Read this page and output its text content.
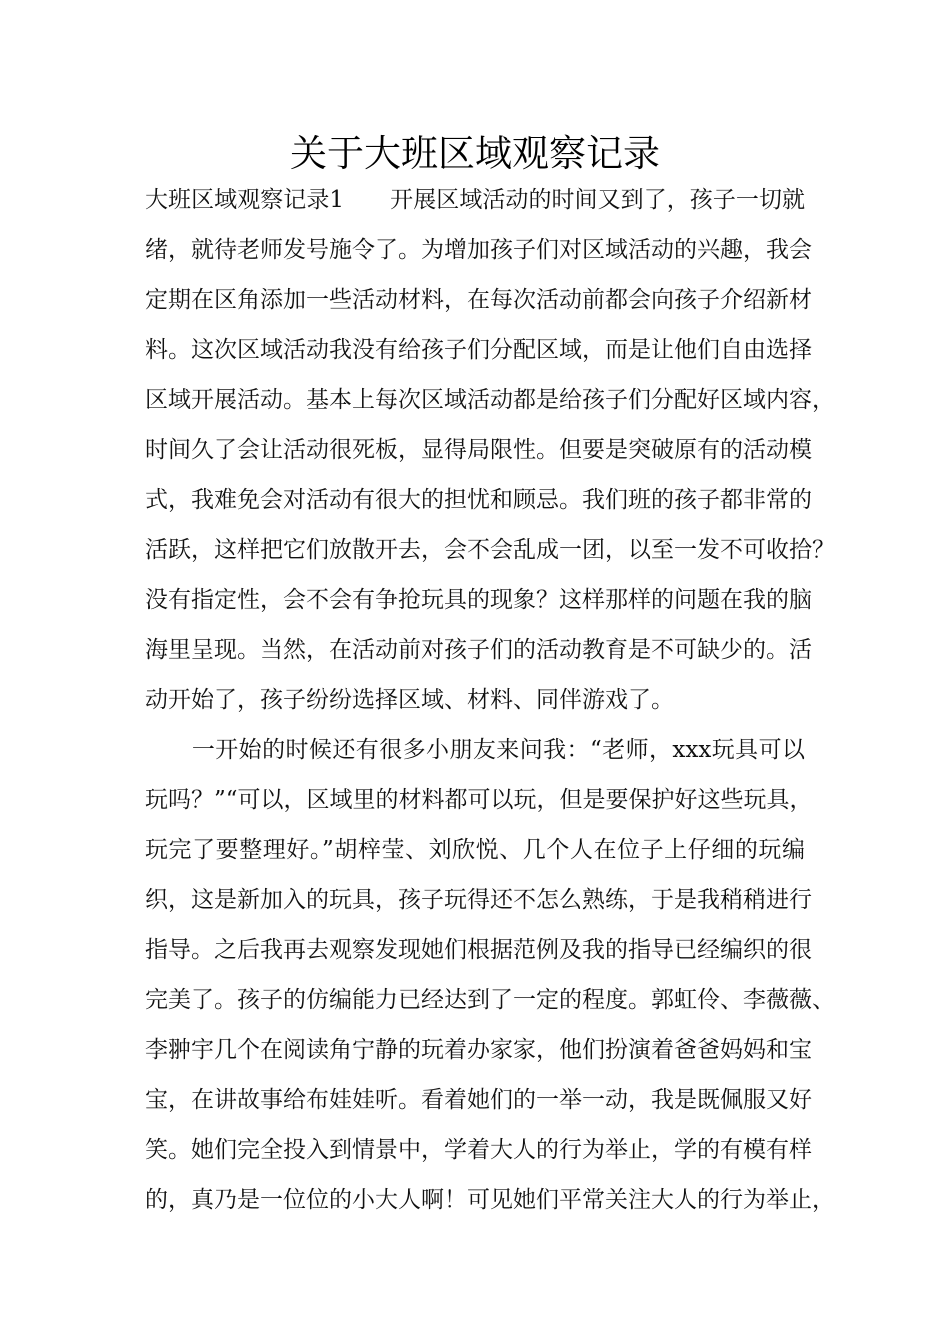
关于大班区域观察记录
大班区域观察记录1　　开展区域活动的时间又到了，孩子一切就
绪，就待老师发号施令了。为增加孩子们对区域活动的兴趣，我会
定期在区角添加一些活动材料，在每次活动前都会向孩子介绍新材
料。这次区域活动我没有给孩子们分配区域，而是让他们自由选择
区域开展活动。基本上每次区域活动都是给孩子们分配好区域内容，
时间久了会让活动很死板，显得局限性。但要是突破原有的活动模
式，我难免会对活动有很大的担忧和顾忌。我们班的孩子都非常的
活跃，这样把它们放散开去，会不会乱成一团，以至一发不可收拾？
没有指定性，会不会有争抢玩具的现象？这样那样的问题在我的脑
海里呈现。当然，在活动前对孩子们的活动教育是不可缺少的。活
动开始了，孩子纷纷选择区域、材料、同伴游戏了。
　　一开始的时候还有很多小朋友来问我：“老师，xxx玩具可以
玩吗？”“可以，区域里的材料都可以玩，但是要保护好这些玩具，
玩完了要整理好。”胡梓莹、刘欣悦、几个人在位子上仔细的玩编
织，这是新加入的玩具，孩子玩得还不怎么熟练，于是我稍稍进行
指导。之后我再去观察发现她们根据范例及我的指导已经编织的很
完美了。孩子的仿编能力已经达到了一定的程度。郭虹伶、李薇薇、
李翀宇几个在阅读角宁静的玩着办家家，他们扮演着爸爸妈妈和宝
宝，在讲故事给布娃娃听。看着她们的一举一动，我是既佩服又好
笑。她们完全投入到情景中，学着大人的行为举止，学的有模有样
的，真乃是一位位的小大人啊！可见她们平常关注大人的行为举止，
